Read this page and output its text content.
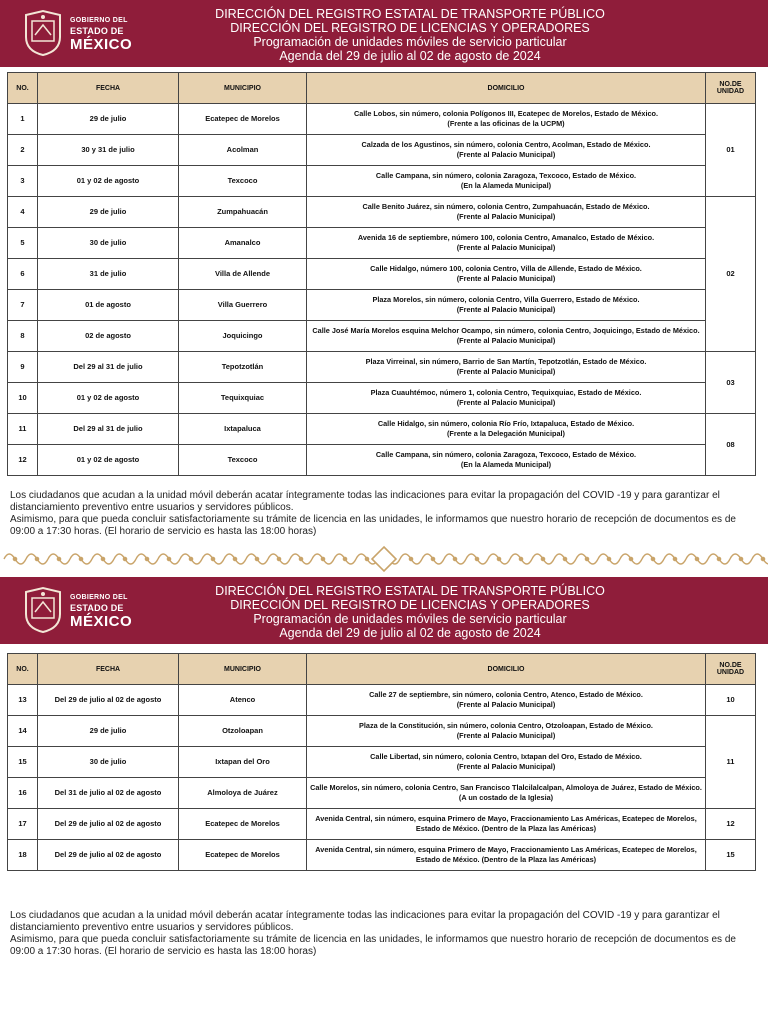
GOBIERNO DEL
ESTADO DE
MÉXICO
DIRECCIÓN DEL REGISTRO ESTATAL DE TRANSPORTE PÚBLICO
DIRECCIÓN DEL REGISTRO DE LICENCIAS Y OPERADORES
Programación de unidades móviles de servicio particular
Agenda del 29 de julio al 02 de agosto de 2024
NO.	FECHA	MUNICIPIO	DOMICILIO	NO.DE UNIDAD
1	29 de julio	Ecatepec de Morelos	Calle Lobos, sin número, colonia Polígonos III, Ecatepec de Morelos, Estado de México.
(Frente a las oficinas de la UCPM)	01
2	30 y 31 de julio	Acolman	Calzada de los Agustinos, sin número, colonia Centro, Acolman, Estado de México.
(Frente al Palacio Municipal)	

3	01 y 02 de agosto	Texcoco	Calle Campana, sin número, colonia Zaragoza, Texcoco, Estado de México.
(En la Alameda Municipal)	

4	29 de julio	Zumpahuacán	Calle Benito Juárez, sin número, colonia Centro, Zumpahuacán, Estado de México.
(Frente al Palacio Municipal)	02
5	30 de julio	Amanalco	Avenida 16 de septiembre, número 100, colonia Centro, Amanalco, Estado de México.
(Frente al Palacio Municipal)	

6	31 de julio	Villa de Allende	Calle Hidalgo, número 100, colonia Centro, Villa de Allende, Estado de México.
(Frente al Palacio Municipal)	

7	01 de agosto	Villa Guerrero	Plaza Morelos, sin número, colonia Centro, Villa Guerrero, Estado de México.
(Frente al Palacio Municipal)	

8	02 de agosto	Joquicingo	Calle José María Morelos esquina Melchor Ocampo, sin número, colonia Centro, Joquicingo, Estado de México. (Frente al Palacio Municipal)	

9	Del 29 al 31 de julio	Tepotzotlán	Plaza Virreinal, sin número, Barrio de San Martín, Tepotzotlán, Estado de México.
(Frente al Palacio Municipal)	03
10	01 y 02 de agosto	Tequixquiac	Plaza Cuauhtémoc, número 1, colonia Centro, Tequixquiac, Estado de México.
(Frente al Palacio Municipal)	

11	Del 29 al 31 de julio	Ixtapaluca	Calle Hidalgo, sin número, colonia Río Frío, Ixtapaluca, Estado de México.
(Frente a la Delegación Municipal)	08
12	01 y 02 de agosto	Texcoco	Calle Campana, sin número, colonia Zaragoza, Texcoco, Estado de México.
(En la Alameda Municipal)	
Los ciudadanos que acudan a la unidad móvil deberán acatar íntegramente todas las indicaciones para evitar la propagación del COVID -19 y para garantizar el distanciamiento preventivo entre usuarios y servidores públicos.
Asimismo, para que pueda concluir satisfactoriamente su trámite de licencia en las unidades, le informamos que nuestro horario de recepción de documentos es de 09:00 a 17:30 horas. (El horario de servicio es hasta las 18:00 horas)
GOBIERNO DEL
ESTADO DE
MÉXICO
DIRECCIÓN DEL REGISTRO ESTATAL DE TRANSPORTE PÚBLICO
DIRECCIÓN DEL REGISTRO DE LICENCIAS Y OPERADORES
Programación de unidades móviles de servicio particular
Agenda del 29 de julio al 02 de agosto de 2024
NO.	FECHA	MUNICIPIO	DOMICILIO	NO.DE UNIDAD
13	Del 29 de julio al 02 de agosto	Atenco	Calle 27 de septiembre, sin número, colonia Centro, Atenco, Estado de México.
(Frente al Palacio Municipal)	10
14	29 de julio	Otzoloapan	Plaza de la Constitución, sin número, colonia Centro, Otzoloapan, Estado de México.
(Frente al Palacio Municipal)	11
15	30 de julio	Ixtapan del Oro	Calle Libertad, sin número, colonia Centro, Ixtapan del Oro, Estado de México.
(Frente al Palacio Municipal)	

16	Del 31 de julio al 02 de agosto	Almoloya de Juárez	Calle Morelos, sin número, colonia Centro, San Francisco Tlalcilalcalpan, Almoloya de Juárez, Estado de México. (A un costado de la Iglesia)	

17	Del 29 de julio al 02 de agosto	Ecatepec de Morelos	Avenida Central, sin número, esquina Primero de Mayo, Fraccionamiento Las Américas, Ecatepec de Morelos, Estado de México. (Dentro de la Plaza las Américas)	12
18	Del 29 de julio al 02 de agosto	Ecatepec de Morelos	Avenida Central, sin número, esquina Primero de Mayo, Fraccionamiento Las Américas, Ecatepec de Morelos, Estado de México. (Dentro de la Plaza las Américas)	15
Los ciudadanos que acudan a la unidad móvil deberán acatar íntegramente todas las indicaciones para evitar la propagación del COVID -19 y para garantizar el distanciamiento preventivo entre usuarios y servidores públicos.
Asimismo, para que pueda concluir satisfactoriamente su trámite de licencia en las unidades, le informamos que nuestro horario de recepción de documentos es de 09:00 a 17:30 horas. (El horario de servicio es hasta las 18:00 horas)
